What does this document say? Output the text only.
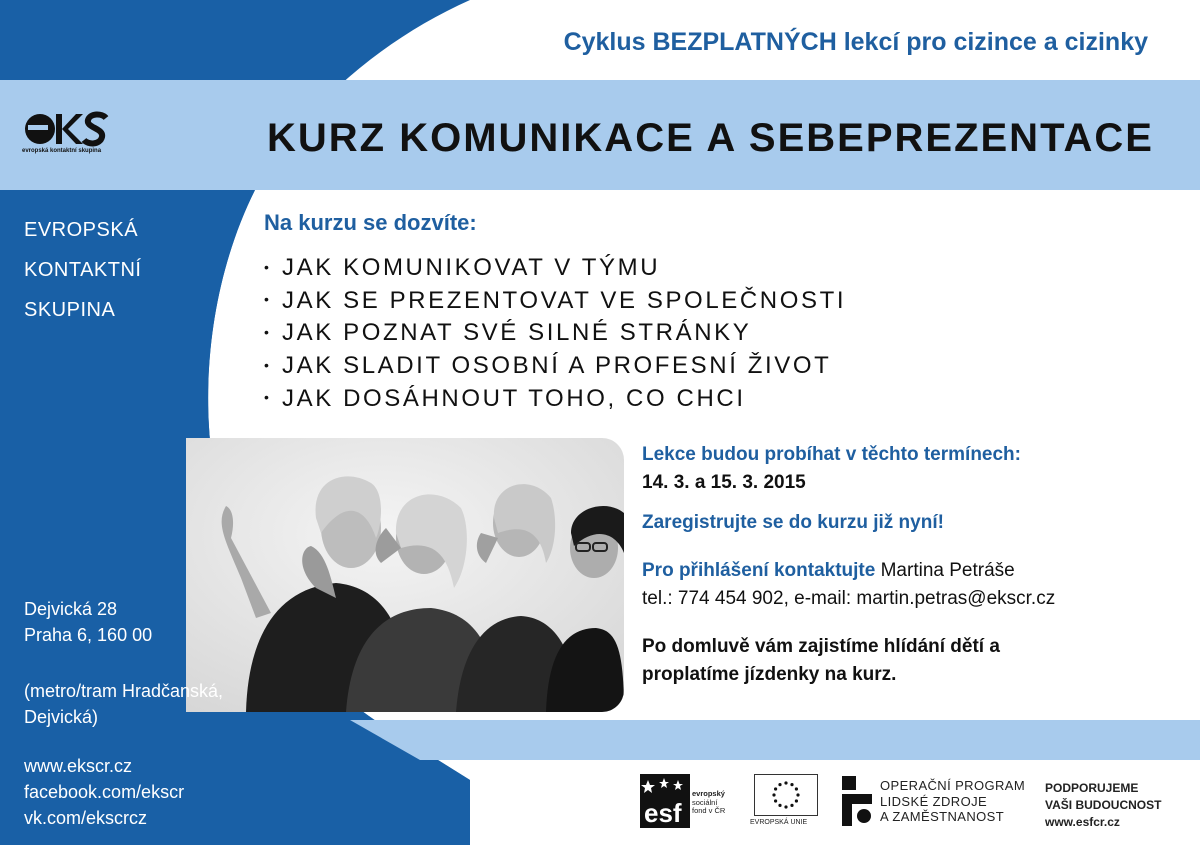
Cyklus BEZPLATNÝCH lekcí pro cizince a cizinky
evropská kontaktní skupina	KURZ KOMUNIKACE A SEBEPREZENTACE
EVROPSKÁ
KONTAKTNÍ
SKUPINA
Na kurzu se dozvíte:
• JAK KOMUNIKOVAT V TÝMU
• JAK SE PREZENTOVAT VE SPOLEČNOSTI
• JAK POZNAT SVÉ SILNÉ STRÁNKY
• JAK SLADIT OSOBNÍ A PROFESNÍ ŽIVOT
• JAK DOSÁHNOUT TOHO, CO CHCI

Lekce budou probíhat v těchto termínech:

14. 3. a 15. 3. 2015

Zaregistrujte se do kurzu již nyní!

Pro přihlášení kontaktujte Martina Petráše

tel.: 774 454 902, e-mail: martin.petras@ekscr.cz

Po domluvě vám zajistíme hlídání dětí a

proplatíme jízdenky na kurz.

Dejvická 28
Praha 6, 160 00
(metro/tram Hradčanská,
Dejvická)
www.ekscr.cz
facebook.com/ekscr
vk.com/ekscrcz	esf
evropský
sociální
fond v ČR
EVROPSKÁ UNIE
OPERAČNÍ PROGRAM
LIDSKÉ ZDROJE
A ZAMĚSTNANOST
PODPORUJEME
VAŠI BUDOUCNOST
www.esfcr.cz
